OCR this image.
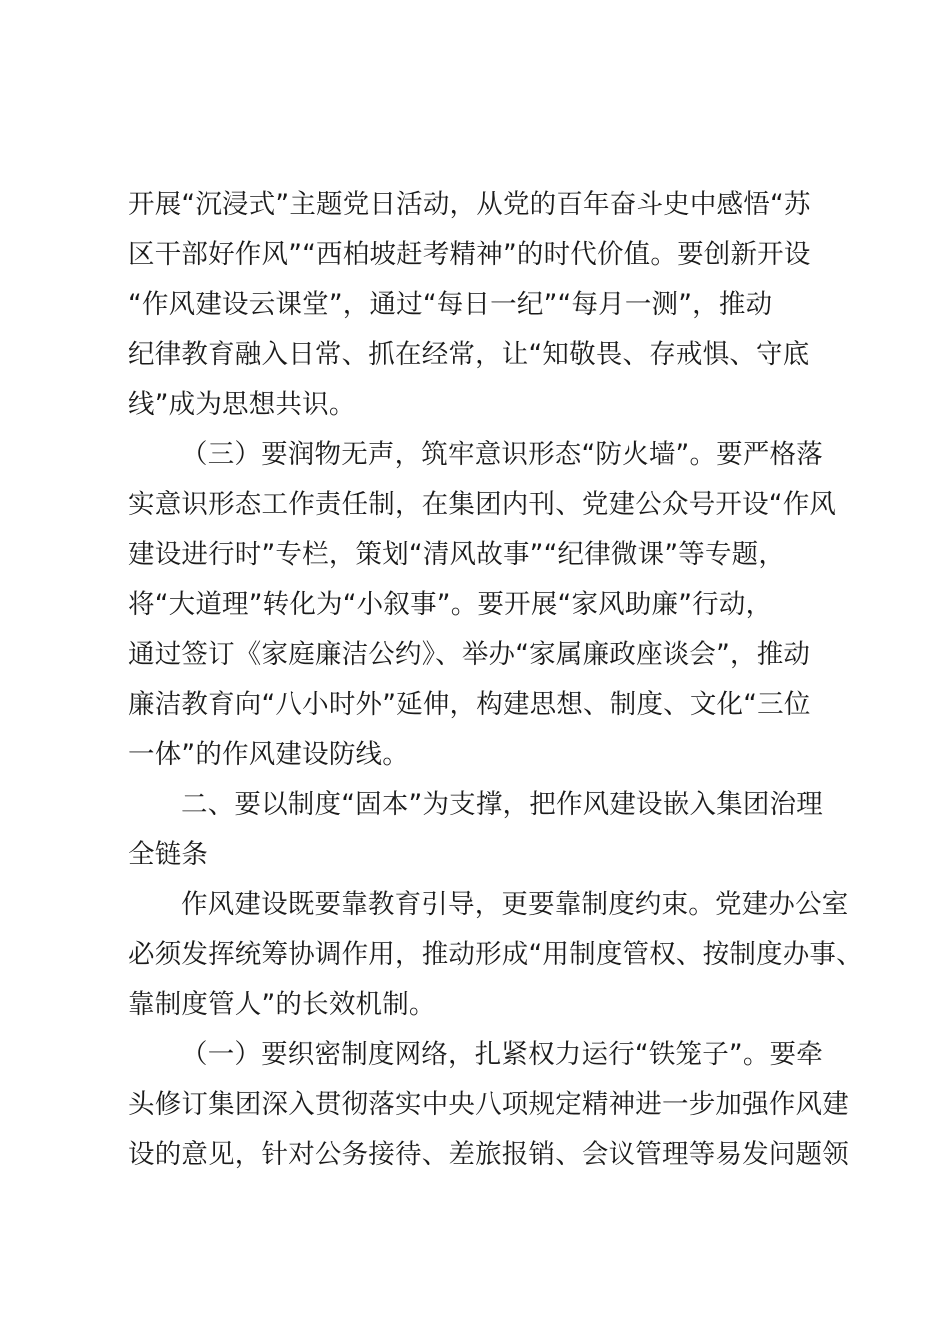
开展“沉浸式”主题党日活动，从党的百年奋斗史中感悟“苏
区干部好作风”“西柏坡赶考精神”的时代价值。要创新开设
“作风建设云课堂”，通过“每日一纪”“每月一测”，推动
纪律教育融入日常、抓在经常，让“知敬畏、存戒惧、守底
线”成为思想共识。
（三）要润物无声，筑牢意识形态“防火墙”。要严格落
实意识形态工作责任制，在集团内刊、党建公众号开设“作风
建设进行时”专栏，策划“清风故事”“纪律微课”等专题，
将“大道理”转化为“小叙事”。要开展“家风助廉”行动，
通过签订《家庭廉洁公约》、举办“家属廉政座谈会”，推动
廉洁教育向“八小时外”延伸，构建思想、制度、文化“三位
一体”的作风建设防线。
二、要以制度“固本”为支撑，把作风建设嵌入集团治理
全链条
作风建设既要靠教育引导，更要靠制度约束。党建办公室
必须发挥统筹协调作用，推动形成“用制度管权、按制度办事、
靠制度管人”的长效机制。
（一）要织密制度网络，扎紧权力运行“铁笼子”。要牵
头修订集团深入贯彻落实中央八项规定精神进一步加强作风建
设的意见，针对公务接待、差旅报销、会议管理等易发问题领
